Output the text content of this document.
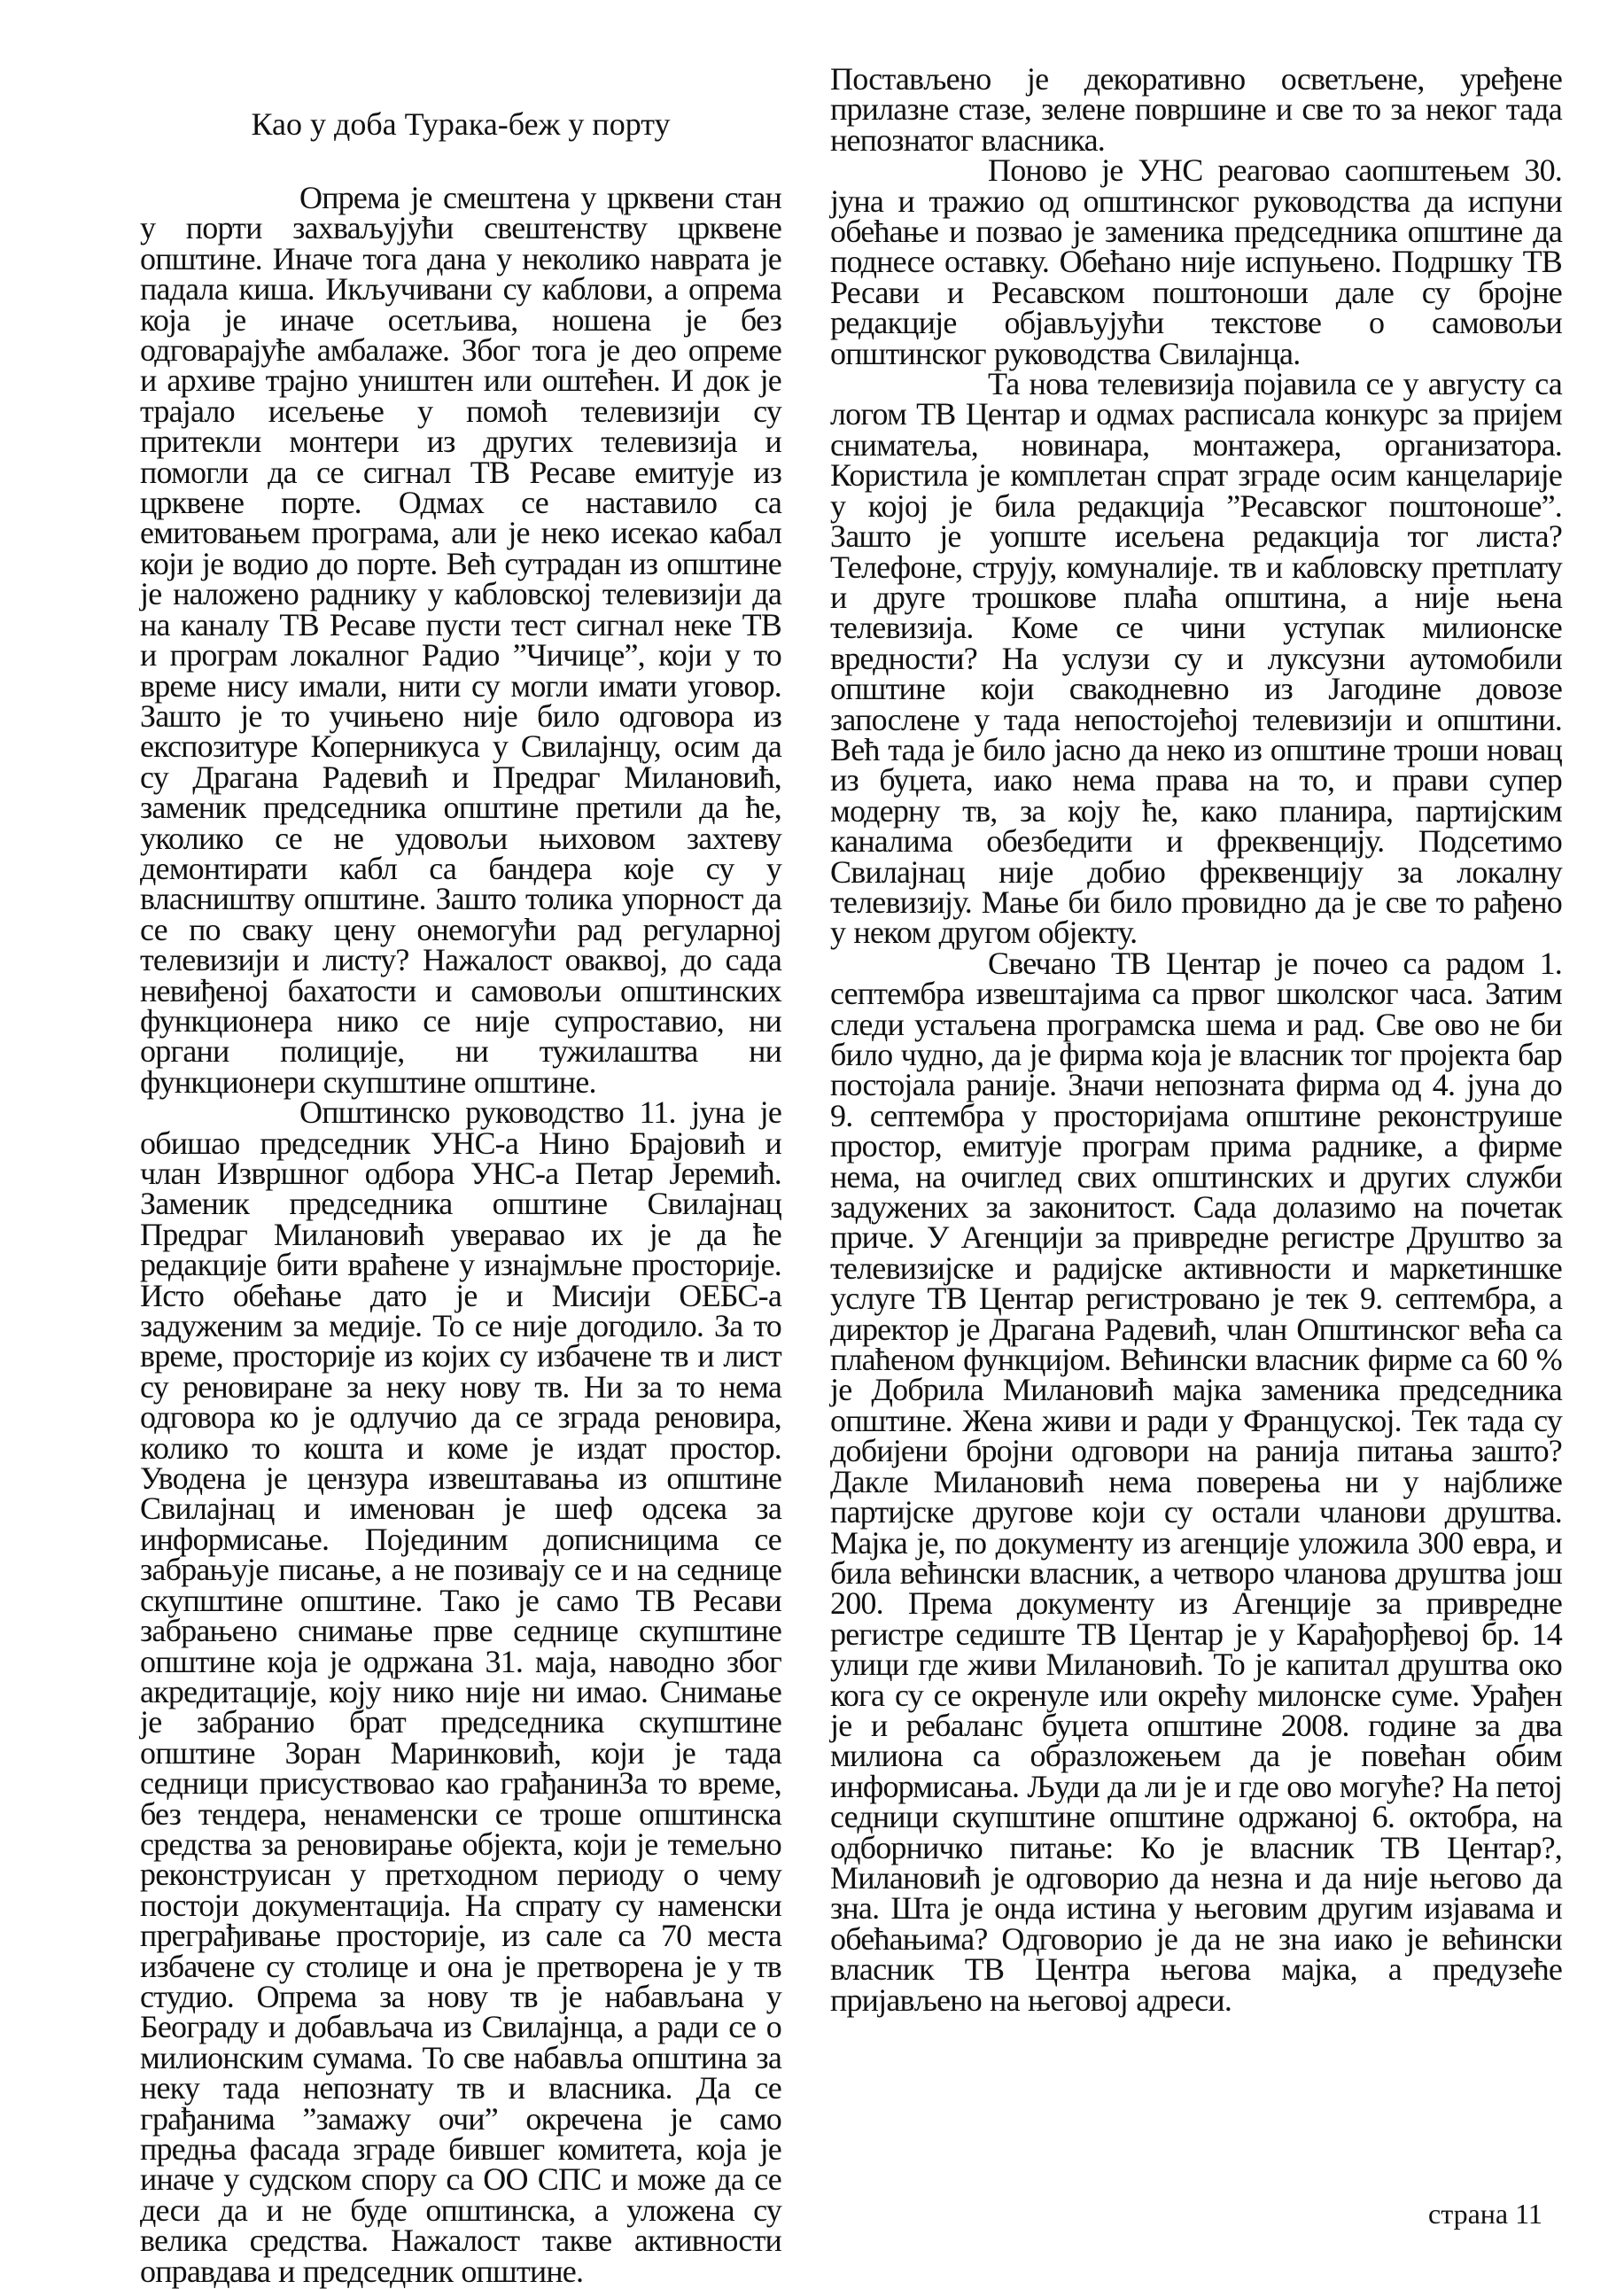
Као у доба Турака-беж у порту

Опрема је смештена у црквени стан у порти захваљујући свештенству црквене општине. Иначе тога дана у неколико наврата је падала киша. Икључивани су каблови, а опрема која је иначе осетљива, ношена је без одговарајуће амбалаже. Због тога је део опреме и архиве трајно уништен или оштећен. И док је трајало исељење у помоћ телевизији су притекли монтери из других телевизија и помогли да се сигнал ТВ Ресаве емитује из црквене порте. Одмах се наставило са емитовањем програма, али је неко исекао кабал који је водио до порте. Већ сутрадан из општине је наложено раднику у кабловској телевизији да на каналу ТВ Ресаве пусти тест сигнал неке ТВ и програм локалног Радио ”Чичице”, који у то време нису имали, нити су могли имати уговор. Зашто је то учињено није било одговора из експозитуре Коперникуса у Свилајнцу, осим да су Драгана Радевић и Предраг Милановић, заменик председника општине претили да ће, уколико се не удовољи њиховом захтеву демонтирати кабл са бандера које су у власништву општине. Зашто толика упорност да се по сваку цену онемогући рад регуларној телевизији и листу? Нажалост оваквој, до сада невиђеној бахатости и самовољи општинских функционера нико се није супроставио, ни органи полиције, ни тужилаштва ни функционери скупштине општине.

Општинско руководство 11. јуна је обишао председник УНС-а Нино Брајовић и члан Извршног одбора УНС-а Петар Јеремић. Заменик председника општине Свилајнац Предраг Милановић уверавао их је да ће редакције бити враћене у изнајмљне просторије. Исто обећање дато је и Мисији ОЕБС-а задуженим за медије. То се није догодило. За то време, просторије из којих су избачене тв и лист су реновиране за неку нову тв. Ни за то нема одговора ко је одлучио да се зграда реновира, колико то кошта и коме је издат простор. Уводена је цензура извештавања из општине Свилајнац и именован је шеф одсека за информисање. Појединим дописницима се забрањује писање, а не позивају се и на седнице скупштине општине. Тако је само ТВ Ресави забрањено снимање прве седнице скупштине општине која је одржана 31. маја, наводно због акредитације, коју нико није ни имао. Снимање је забранио брат председника скупштине општине Зоран Маринковић, који је тада седници присуствовао као грађанинЗа то време, без тендера, ненаменски се троше општинска средства за реновирање објекта, који је темељно реконструисан у претходном периоду о чему постоји документација. На спрату су наменски преграђивање просторије, из сале са 70 места избачене су столице и она је претворена је у тв студио. Опрема за нову тв је набављана у Београду и добављача из Свилајнца, а ради се о милионским сумама. То све набавља општина за неку тада непознату тв и власника. Да се грађанима ”замажу очи” окречена је само предња фасада зграде бившег комитета, која је иначе у судском спору са ОО СПС и може да се деси да и не буде општинска, а уложена су велика средства. Нажалост такве активности оправдава и председник општине.

Постављено је декоративно осветљене, уређене прилазне стазе, зелене површине и све то за неког тада непознатог власника.

Поново је УНС реаговао саопштењем 30. јуна и тражио од општинског руководства да испуни обећање и позвао је заменика председника општине да поднесе оставку. Обећано није испуњено. Подршку ТВ Ресави и Ресавском поштоноши дале су бројне редакције објављујући текстове о самовољи општинског руководства Свилајнца.

Та нова телевизија појавила се у августу са логом ТВ Центар и одмах расписала конкурс за пријем сниматеља, новинара, монтажера, организатора. Користила је комплетан спрат зграде осим канцеларије у којој је била редакција ”Ресавског поштоноше”. Зашто је уопште исељена редакција тог листа? Телефоне, струју, комуналије. тв и кабловску претплату и друге трошкове плаћа општина, а није њена телевизија. Коме се чини уступак милионске вредности? На услузи су и луксузни аутомобили општине који свакодневно из Јагодине довозе запослене у тада непостојећој телевизији и општини. Већ тада је било јасно да неко из општине троши новац из буџета, иако нема права на то, и прави супер модерну тв, за коју ће, како планира, партијским каналима обезбедити и фреквенцију. Подсетимо Свилајнац није добио фреквенцију за локалну телевизију. Мање би било провидно да је све то рађено у неком другом објекту.

Свечано ТВ Центар је почео са радом 1. септембра извештајима са првог школског часа. Затим следи устаљена програмска шема и рад. Све ово не би било чудно, да је фирма која је власник тог пројекта бар постојала раније. Значи непозната фирма од 4. јуна до 9. септембра у просторијама општине реконструише простор, емитује програм прима раднике, а фирме нема, на очиглед свих општинских и других служби задужених за законитост. Сада долазимо на почетак приче. У Агенцији за привредне регистре Друштво за телевизијске и радијске активности и маркетиншке услуге ТВ Центар регистровано је тек 9. септембра, а директор је Драгана Радевић, члан Општинског већа са плаћеном функцијом. Већински власник фирме са 60 % је Добрила Милановић мајка заменика председника општине. Жена живи и ради у Француској. Тек тада су добијени бројни одговори на ранија питања зашто? Дакле Милановић нема поверења ни у најближе партијске другове који су остали чланови друштва. Мајка је, по документу из агенције уложила 300 евра, и била већински власник, а четворо чланова друштва још 200. Према документу из Агенције за привредне регистре седиште ТВ Центар је у Карађорђевој бр. 14 улици где живи Милановић. То је капитал друштва око кога су се окренуле или окрећу милонске суме. Урађен је и ребаланс буџета општине 2008. године за два милиона са образложењем да је повећан обим информисања. Људи да ли је и где ово могуће? На петој седници скупштине општине одржаној 6. октобра, на одборничко питање: Ко је власник ТВ Центар?, Милановић је одговорио да незна и да није његово да зна. Шта је онда истина у његовим другим изјавама и обећањима? Одговорио је да не зна иако је већински власник ТВ Центра његова мајка, а предузеће пријављено на његовој адреси.

страна 11
